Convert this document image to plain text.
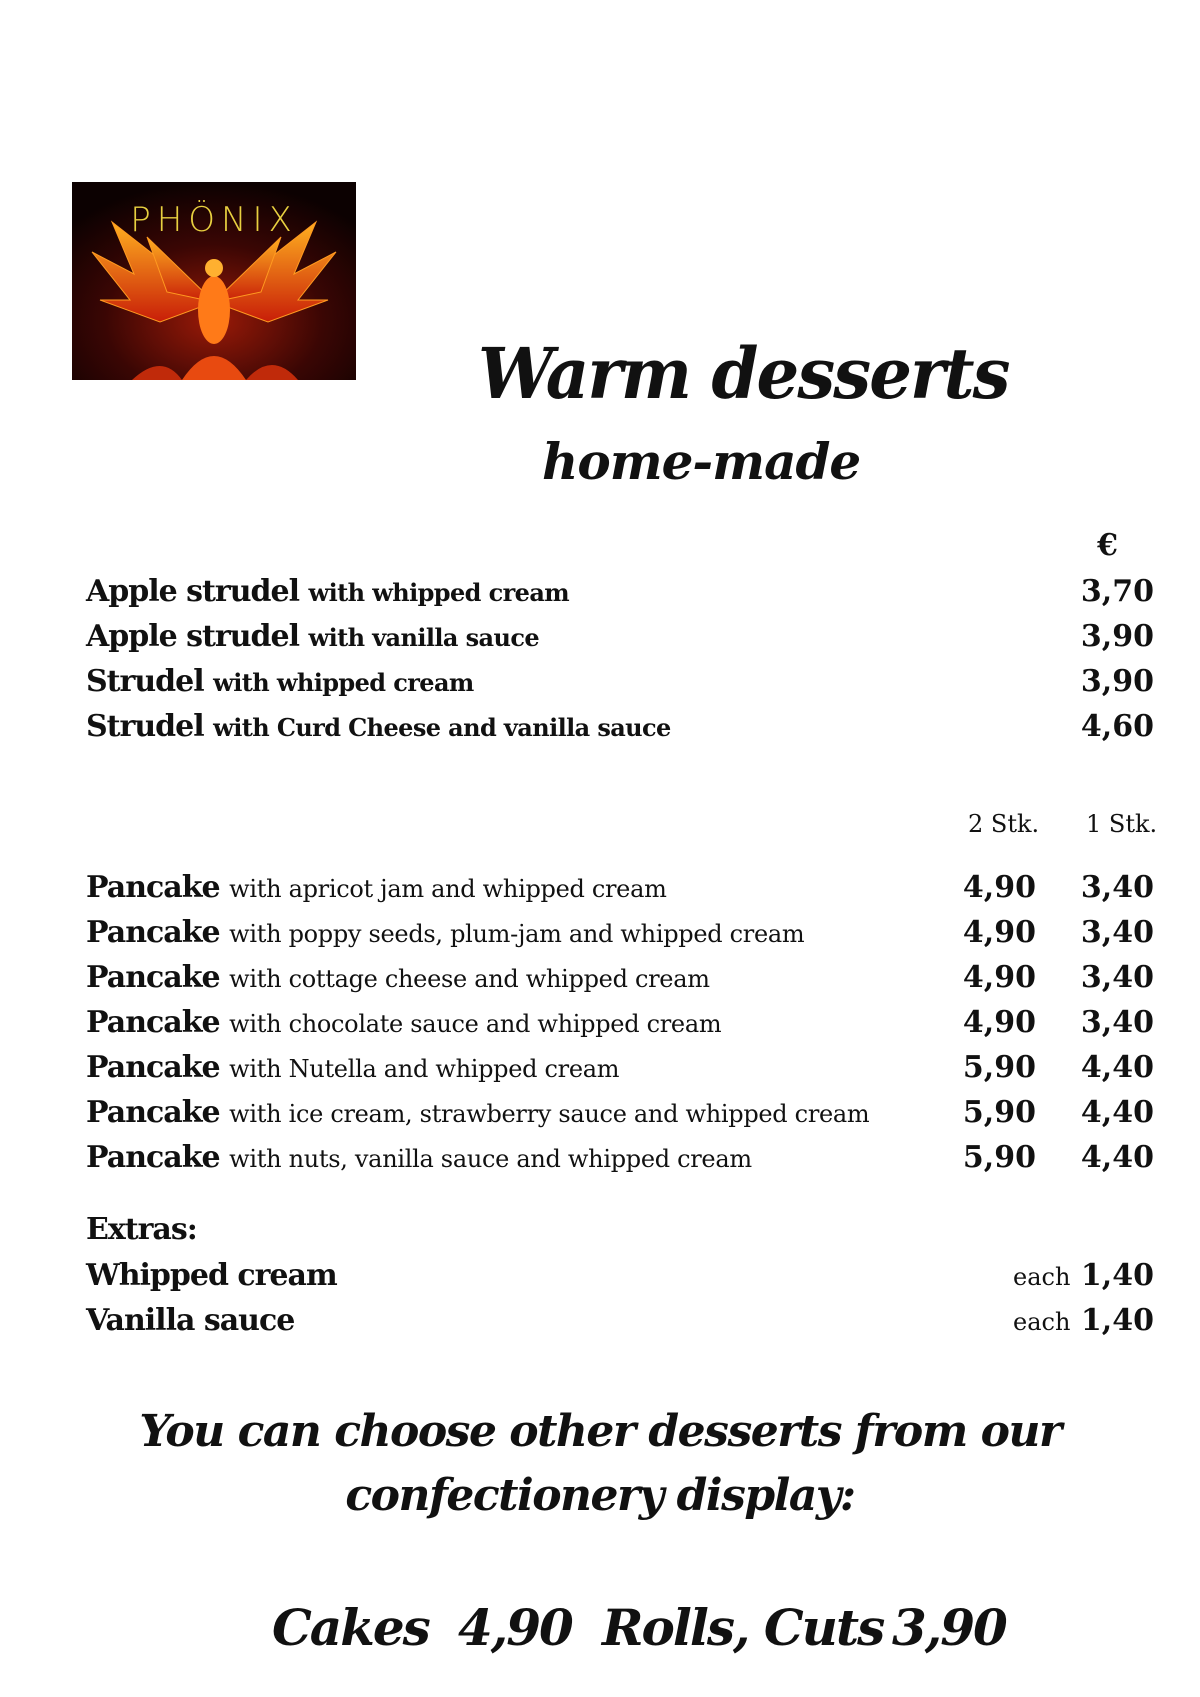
PHÖNIX
Warm desserts
home-made
€
Apple strudel with whipped cream	3,70
Apple strudel with vanilla sauce	3,90
Strudel with whipped cream	3,90
Strudel with Curd Cheese and vanilla sauce	4,60
2 Stk. 1 Stk.
Pancake with apricot jam and whipped cream	4,90	3,40
Pancake with poppy seeds, plum-jam and whipped cream	4,90	3,40
Pancake with cottage cheese and whipped cream	4,90	3,40
Pancake with chocolate sauce and whipped cream	4,90	3,40
Pancake with Nutella and whipped cream	5,90	4,40
Pancake with ice cream, strawberry sauce and whipped cream	5,90	4,40
Pancake with nuts, vanilla sauce and whipped cream	5,90	4,40
Extras:
Whipped cream	each 1,40
Vanilla sauce	each 1,40
You can choose other desserts from our
confectionery display:
Cakes 4,90 Rolls, Cuts 3,90
